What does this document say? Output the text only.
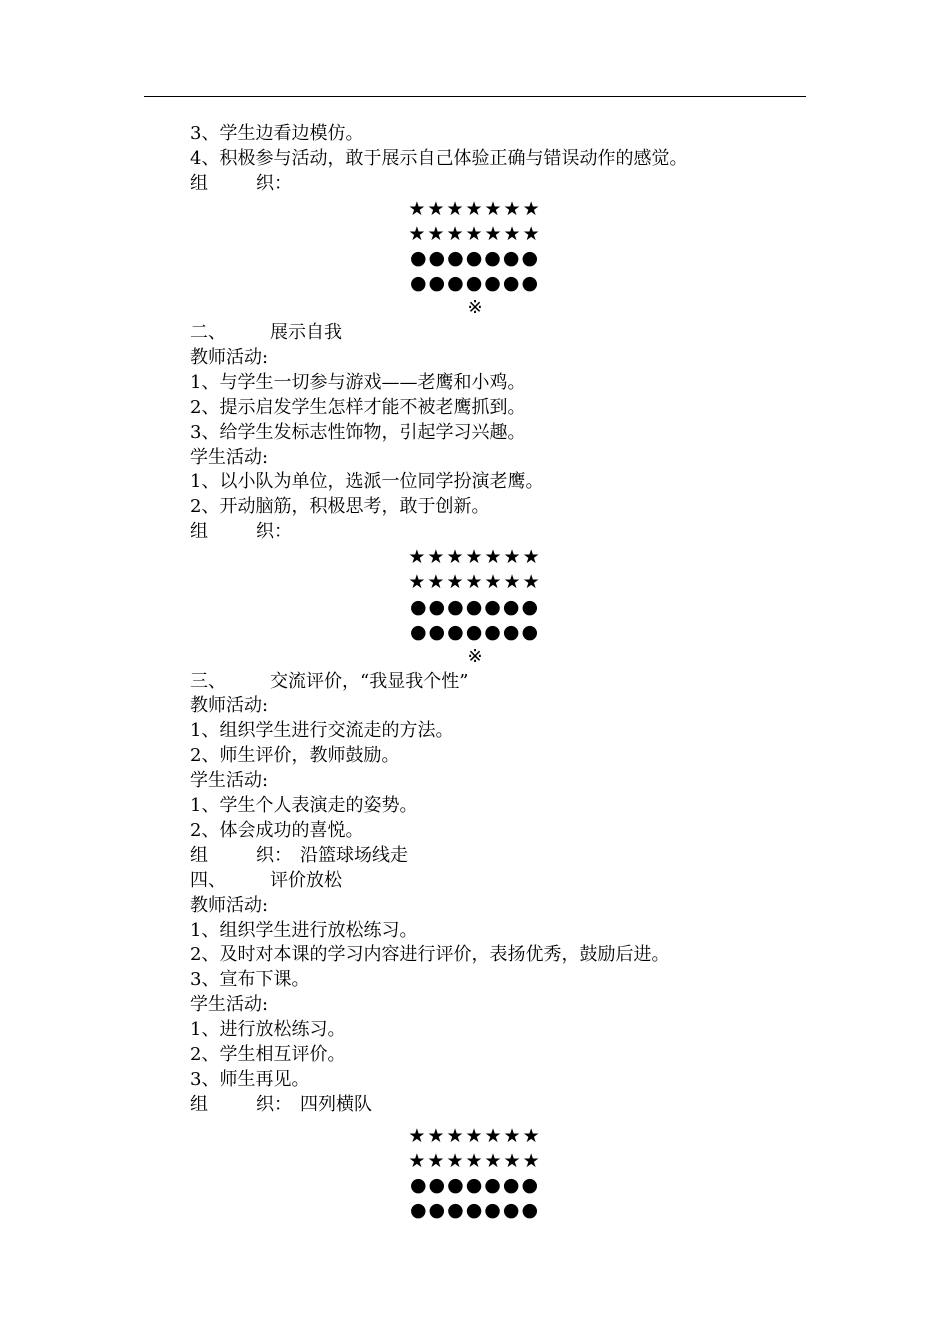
3、学生边看边模仿。
4、积极参与活动，敢于展示自己体验正确与错误动作的感觉。
组	织：
★★★★★★★
★★★★★★★
●●●●●●●
●●●●●●●
※
二、 展示自我
教师活动:
1、与学生一切参与游戏——老鹰和小鸡。
2、提示启发学生怎样才能不被老鹰抓到。
3、给学生发标志性饰物，引起学习兴趣。
学生活动:
1、以小队为单位，选派一位同学扮演老鹰。
2、开动脑筋，积极思考，敢于创新。
组	织：
★★★★★★★
★★★★★★★
●●●●●●●
●●●●●●●
※
三、 交流评价，“我显我个性”
教师活动:
1、组织学生进行交流走的方法。
2、师生评价，教师鼓励。
学生活动:
1、学生个人表演走的姿势。
2、体会成功的喜悦。
组	织： 沿篮球场线走
四、 评价放松
教师活动:
1、组织学生进行放松练习。
2、及时对本课的学习内容进行评价，表扬优秀，鼓励后进。
3、宣布下课。
学生活动:
1、进行放松练习。
2、学生相互评价。
3、师生再见。
组	织： 四列横队
★★★★★★★
★★★★★★★
●●●●●●●
●●●●●●●
